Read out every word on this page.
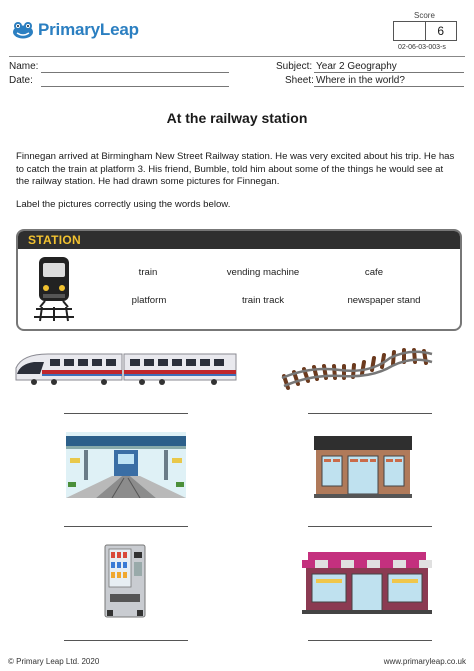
PrimaryLeap
Score
6
02-06-03-003-s
Name:
Date:
Subject: Year 2 Geography
Sheet: Where in the world?
At the railway station
Finnegan arrived at Birmingham New Street Railway station. He was very excited about his trip. He has to catch the train at platform 3. His friend, Bumble, told him about some of the things he would see at the railway station. He had drawn some pictures for Finnegan.
Label the pictures correctly using the words below.
STATION
train	vending machine	cafe
platform	train track	newspaper stand
© Primary Leap Ltd. 2020	www.primaryleap.co.uk
